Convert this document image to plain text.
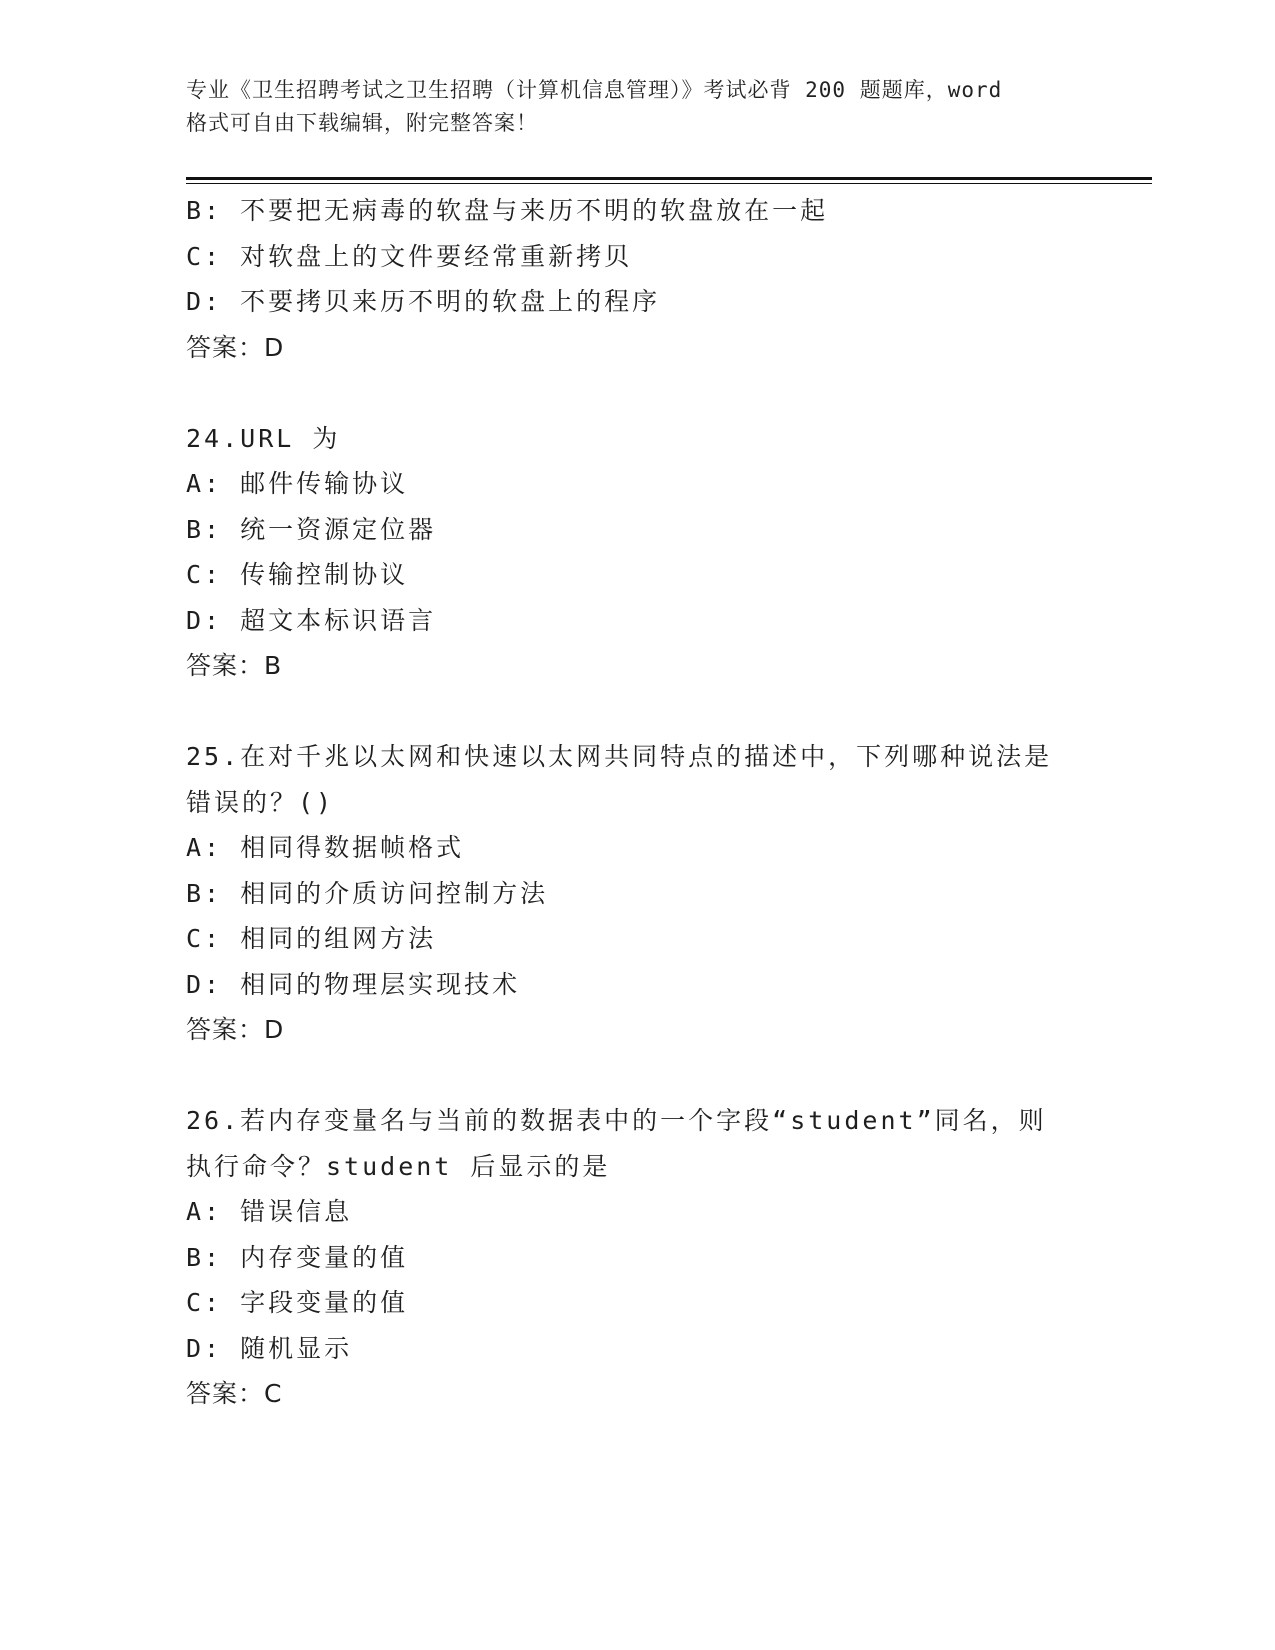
专业《卫生招聘考试之卫生招聘（计算机信息管理）》考试必背 200 题题库，word
格式可自由下载编辑，附完整答案！
B: 不要把无病毒的软盘与来历不明的软盘放在一起
C: 对软盘上的文件要经常重新拷贝
D: 不要拷贝来历不明的软盘上的程序
答案：D
24.URL 为
A: 邮件传输协议
B: 统一资源定位器
C: 传输控制协议
D: 超文本标识语言
答案：B
25.在对千兆以太网和快速以太网共同特点的描述中，下列哪种说法是
错误的？()
A: 相同得数据帧格式
B: 相同的介质访问控制方法
C: 相同的组网方法
D: 相同的物理层实现技术
答案：D
26.若内存变量名与当前的数据表中的一个字段“student”同名，则
执行命令？student 后显示的是
A: 错误信息
B: 内存变量的值
C: 字段变量的值
D: 随机显示
答案：C
